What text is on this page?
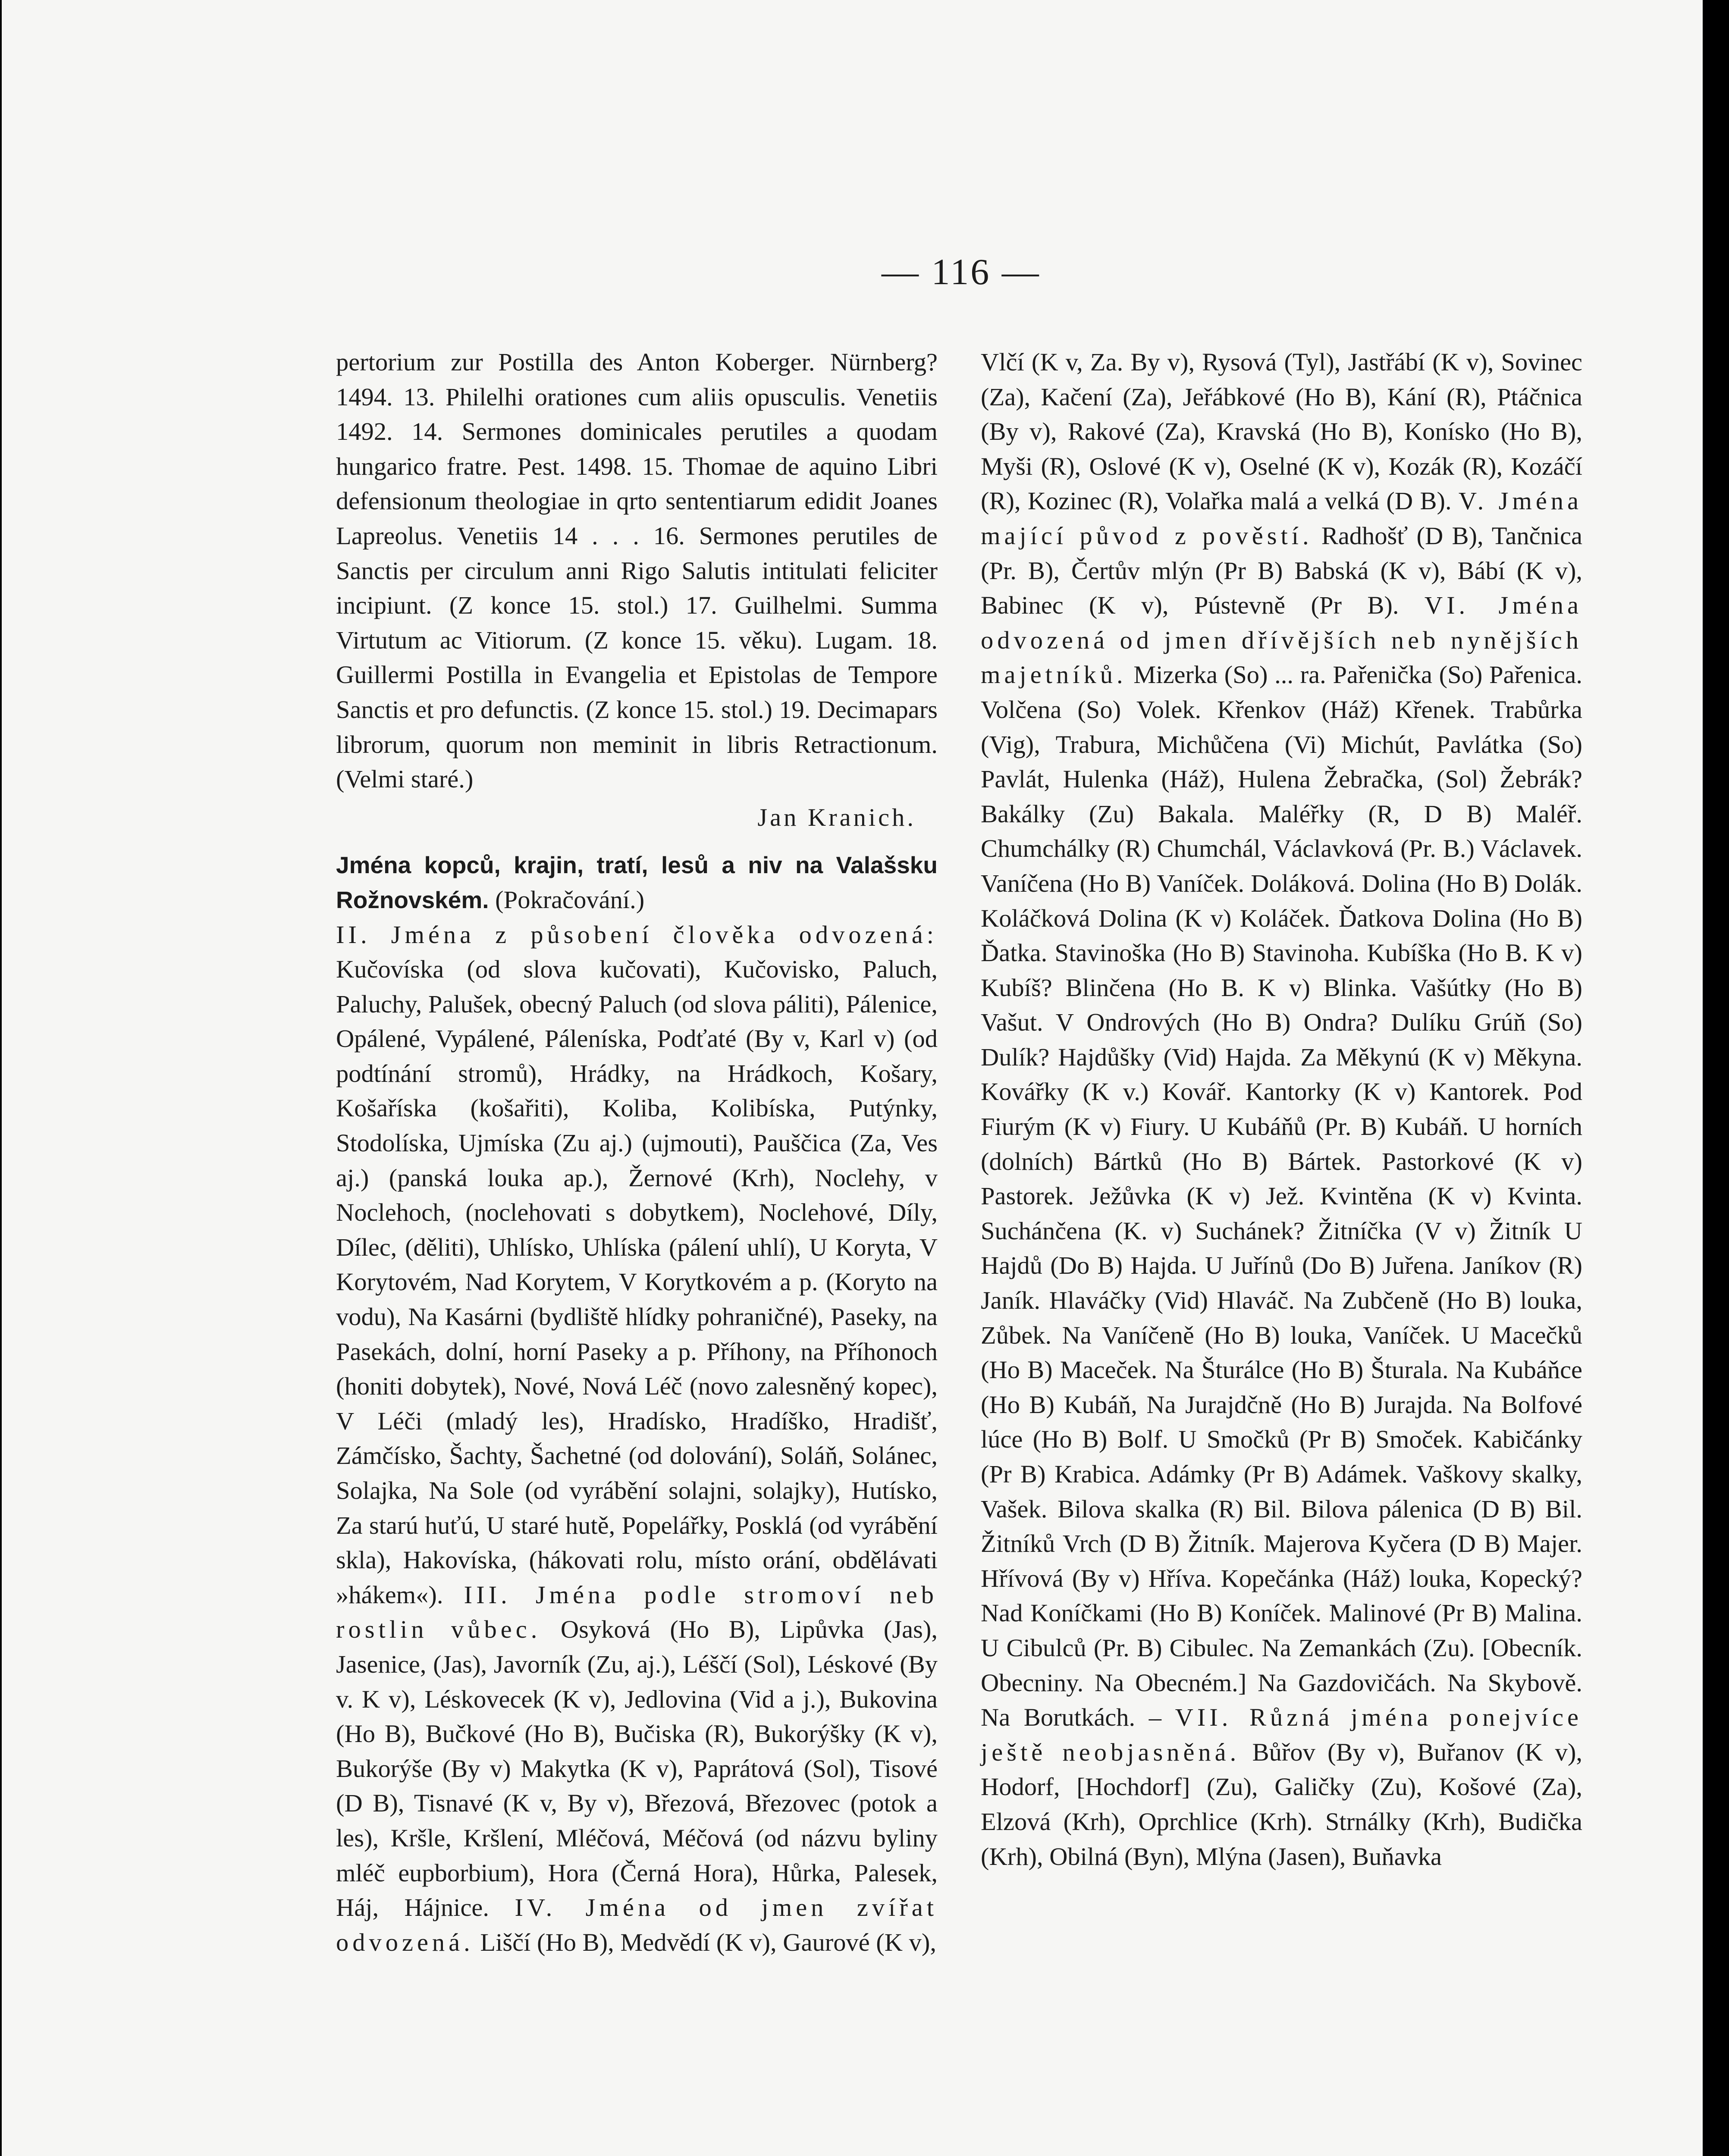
— 116 —

pertorium zur Postilla des Anton Koberger. Nürnberg? 1494. 13. Philelhi orationes cum aliis opusculis. Venetiis 1492. 14. Sermones dominicales perutiles a quodam hungarico fratre. Pest. 1498. 15. Thomae de aquino Libri defensionum theologiae in qrto sententiarum edidit Joanes Lapreolus. Venetiis 14 . . . 16. Sermones perutiles de Sanctis per circulum anni Rigo Salutis intitulati feliciter incipiunt. (Z konce 15. stol.) 17. Guilhelmi. Summa Virtutum ac Vitiorum. (Z konce 15. věku). Lugam. 18. Guillermi Postilla in Evangelia et Epistolas de Tempore Sanctis et pro defunctis. (Z konce 15. stol.) 19. Decimapars librorum, quorum non meminit in libris Retractionum. (Velmi staré.)

Jan Kranich.

Jména kopců, krajin, tratí, lesů a niv na Valašsku Rožnovském. (Pokračování.)

II. Jména z působení člověka odvozená: Kučovíska (od slova kučovati), Kučovisko, Paluch, Paluchy, Palušek, obecný Paluch (od slova páliti), Pálenice, Opálené, Vypálené, Páleníska, Podťaté (By v, Karl v) (od podtínání stromů), Hrádky, na Hrádkoch, Košary, Košaříska (košařiti), Koliba, Kolibíska, Putýnky, Stodolíska, Ujmíska (Zu aj.) (ujmouti), Pauščica (Za, Ves aj.) (panská louka ap.), Žernové (Krh), Noclehy, v Noclehoch, (noclehovati s dobytkem), Noclehové, Díly, Dílec, (děliti), Uhlísko, Uhlíska (pálení uhlí), U Koryta, V Korytovém, Nad Korytem, V Korytkovém a p. (Koryto na vodu), Na Kasárni (bydliště hlídky pohraničné), Paseky, na Pasekách, dolní, horní Paseky a p. Příhony, na Příhonoch (honiti dobytek), Nové, Nová Léč (novo zalesněný kopec), V Léči (mladý les), Hradísko, Hradíško, Hradišť, Zámčísko, Šachty, Šachetné (od dolování), Soláň, Solánec, Solajka, Na Sole (od vyrábění solajni, solajky), Hutísko, Za starú huťú, U staré hutě, Popelářky, Posklá (od vyrábění skla), Hakovíska, (hákovati rolu, místo orání, obdělávati »hákem«). III. Jména podle stromoví neb rostlin vůbec. Osyková (Ho B), Lipůvka (Jas), Jasenice, (Jas), Javorník (Zu, aj.), Léščí (Sol), Léskové (By v. K v), Léskovecek (K v), Jedlovina (Vid a j.), Bukovina (Ho B), Bučkové (Ho B), Bučiska (R), Bukorýšky (K v), Bukorýše (By v) Makytka (K v), Paprátová (Sol), Tisové (D B), Tisnavé (K v, By v), Březová, Březovec (potok a les), Kršle, Kršlení, Mléčová, Méčová (od názvu byliny mléč eupborbium), Hora (Černá Hora), Hůrka, Palesek, Háj, Hájnice. IV. Jména od jmen zvířat odvozená. Liščí (Ho B), Medvědí (K v), Gaurové (K v),

Vlčí (K v, Za. By v), Rysová (Tyl), Jastřábí (K v), Sovinec (Za), Kačení (Za), Jeřábkové (Ho B), Kání (R), Ptáčnica (By v), Rakové (Za), Kravská (Ho B), Konísko (Ho B), Myši (R), Oslové (K v), Oselné (K v), Kozák (R), Kozáčí (R), Kozinec (R), Volařka malá a velká (D B). V. Jména mající původ z pověstí. Radhošť (D B), Tančnica (Pr. B), Čertův mlýn (Pr B) Babská (K v), Bábí (K v), Babinec (K v), Pústevně (Pr B). VI. Jména odvozená od jmen dřívějších neb nynějších majetníků. Mizerka (So) ... ra. Pařenička (So) Pařenica. Volčena (So) Volek. Křenkov (Háž) Křenek. Trabůrka (Vig), Trabura, Michůčena (Vi) Michút, Pavlátka (So) Pavlát, Hulenka (Háž), Hulena Žebračka, (Sol) Žebrák? Bakálky (Zu) Bakala. Maléřky (R, D B) Maléř. Chumchálky (R) Chumchál, Václavková (Pr. B.) Václavek. Vaníčena (Ho B) Vaníček. Doláková. Dolina (Ho B) Dolák. Koláčková Dolina (K v) Koláček. Ďatkova Dolina (Ho B) Ďatka. Stavinoška (Ho B) Stavinoha. Kubíška (Ho B. K v) Kubíš? Blinčena (Ho B. K v) Blinka. Vašútky (Ho B) Vašut. V Ondrových (Ho B) Ondra? Dulíku Grúň (So) Dulík? Hajdůšky (Vid) Hajda. Za Měkynú (K v) Měkyna. Kovářky (K v.) Kovář. Kantorky (K v) Kantorek. Pod Fiurým (K v) Fiury. U Kubáňů (Pr. B) Kubáň. U horních (dolních) Bártků (Ho B) Bártek. Pastorkové (K v) Pastorek. Ježůvka (K v) Jež. Kvintěna (K v) Kvinta. Suchánčena (K. v) Suchánek? Žitníčka (V v) Žitník U Hajdů (Do B) Hajda. U Juřínů (Do B) Juřena. Janíkov (R) Janík. Hlaváčky (Vid) Hlaváč. Na Zubčeně (Ho B) louka, Zůbek. Na Vaníčeně (Ho B) louka, Vaníček. U Macečků (Ho B) Maceček. Na Šturálce (Ho B) Šturala. Na Kubáňce (Ho B) Kubáň, Na Jurajdčně (Ho B) Jurajda. Na Bolfové lúce (Ho B) Bolf. U Smočků (Pr B) Smoček. Kabičánky (Pr B) Krabica. Adámky (Pr B) Adámek. Vaškovy skalky, Vašek. Bilova skalka (R) Bil. Bilova pálenica (D B) Bil. Žitníků Vrch (D B) Žitník. Majerova Kyčera (D B) Majer. Hřívová (By v) Hříva. Kopečánka (Háž) louka, Kopecký? Nad Koníčkami (Ho B) Koníček. Malinové (Pr B) Malina. U Cibulců (Pr. B) Cibulec. Na Zemankách (Zu). [Obecník. Obecniny. Na Obecném.] Na Gazdovičách. Na Skybově. Na Borutkách. – VII. Různá jména ponejvíce ještě neobjasněná. Bůřov (By v), Buřanov (K v), Hodorf, [Hochdorf] (Zu), Galičky (Zu), Košové (Za), Elzová (Krh), Oprchlice (Krh). Strnálky (Krh), Budička (Krh), Obilná (Byn), Mlýna (Jasen), Buňavka
